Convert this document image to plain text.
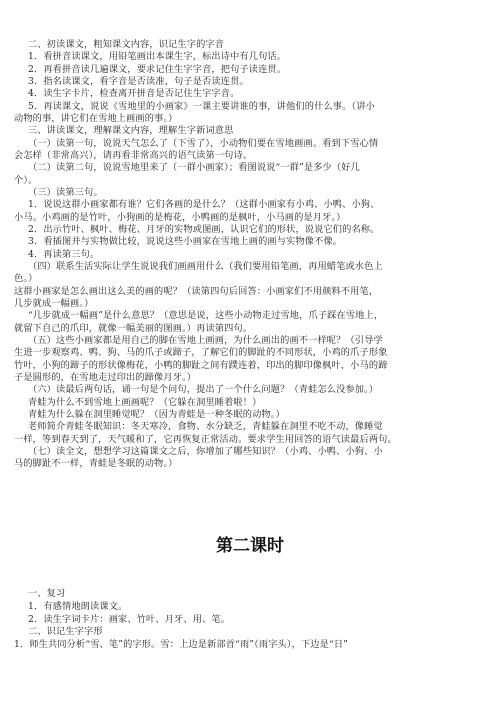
二、初读课文，粗知课文内容，识记生字的字音
1．看拼音读课文，用铅笔画出本课生字，标出诗中有几句话。
2．再看拼音读几遍课文，要求记住生字字音，把句子读连贯。
3．指名读课文，看字音是否读准，句子是否读连贯。
4．读生字卡片，检查离开拼音是否记住生字字音。
5．再读课文，说说《雪地里的小画家》一课主要讲谁的事，讲他们的什么事。（讲小
动物的事，讲它们在雪地上画画的事。）
三、讲读课文，理解课文内容，理解生字新词意思
（一）读第一句，说说天气怎么了（下雪了），小动物们要在雪地画画。看到下雪心情
会怎样（非常高兴），请再看非常高兴的语气读第一句诗。
（二）读第二句，说说雪地里来了（一群小画家）；看图说说“一群”是多少（好几
个）。
（三）读第三句。
1．说说这群小画家都有谁？它们各画的是什么？（这群小画家有小鸡、小鸭、小狗、
小马。小鸡画的是竹叶，小狗画的是梅花，小鸭画的是枫叶，小马画的是月牙。）
2．出示竹叶、枫叶、梅花、月牙的实物或图画，认识它们的形状，说说它们的名称。
3．看插图并与实物做比较，说说这些小画家在雪地上画的画与实物像不像。
4．再读第三句。
（四）联系生活实际让学生说说我们画画用什么（我们要用铅笔画，再用蜡笔或水色上
色。）
这群小画家是怎么画出这么美的画的呢？（读第四句后回答：小画家们不用颜料不用笔，
几步就成一幅画。）
“几步就成一幅画”是什么意思？（意思是说，这些小动物走过雪地，爪子踩在雪地上，
就留下自己的爪印，就像一幅美丽的图画。）再读第四句。
（五）这些小画家都是用自己的脚在雪地上画画，为什么画出的画不一样呢？（引导学
生进一步观察鸡、鸭、狗、马的爪子或蹄子，了解它们的脚趾的不同形状，小鸡的爪子形象
竹叶，小狗的蹄子的形状像梅花，小鸭的脚趾之间有蹼连着，印出的脚印像枫叶，小马的蹄
子是圆形的，在雪地走过印出的蹄像月牙。）
（六）读最后两句话，诵一句是个问句，提出了一个什么问题？（青蛙怎么没参加。）
青蛙为什么不到雪地上画画呢？（它躲在洞里睡着啦！）
青蛙为什么躲在洞里睡觉呢？（因为青蛙是一种冬眠的动物。）
老师简介青蛙冬眠知识：冬天寒冷，食物、水分缺乏，青蛙躲在洞里不吃不动，像睡觉
一样，等到春天到了，天气暖和了，它再恢复正常活动。要求学生用回答的语气读最后两句。
（七）读全文，想想学习这篇课文之后，你增加了哪些知识？（小鸡、小鸭、小狗、小
马的脚趾不一样，青蛙是冬眠的动物。）
第二课时
一、复习
1．有感情地朗读课文。
2．读生字词卡片：画家、竹叶、月牙、用、笔。
二、识记生字字形
1．师生共同分析“雪、笔”的字形。雪：上边是新部首“雨”（雨字头），下边是“日”
